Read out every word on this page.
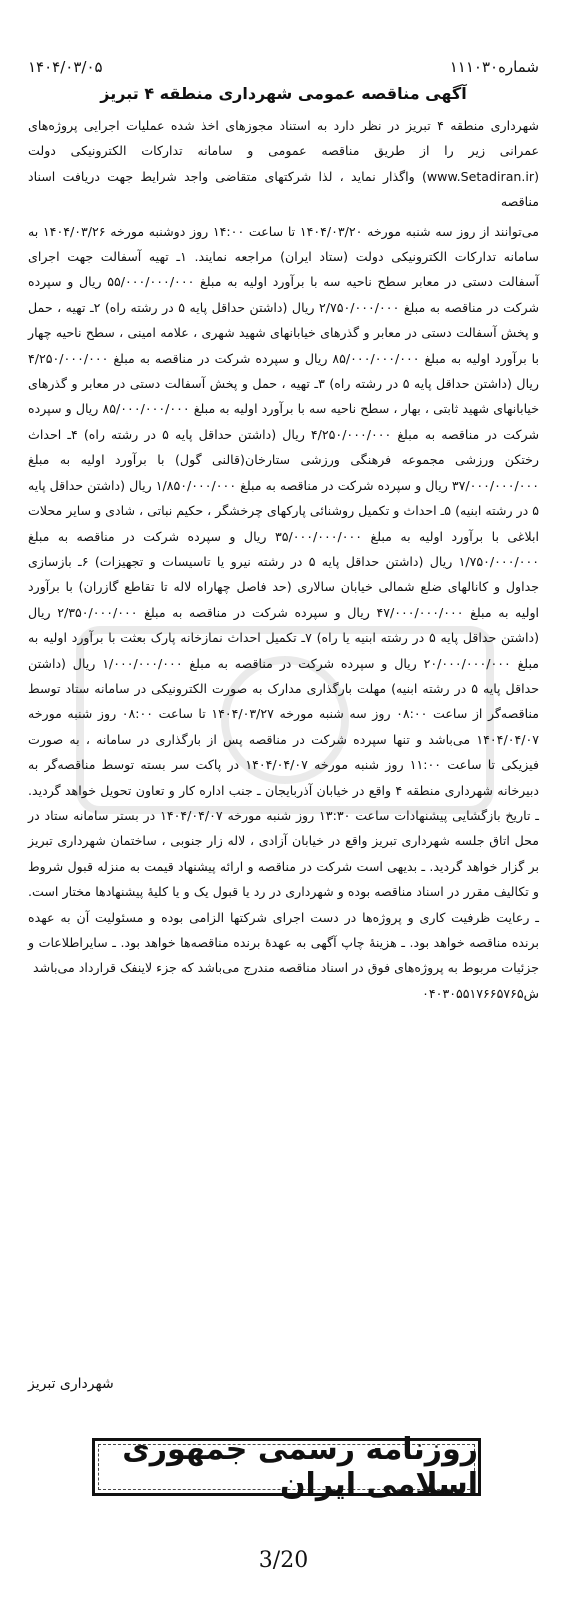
شماره۱۱۱۰۳۰
۱۴۰۴/۰۳/۰۵
آگهی مناقصه عمومی شهرداری منطقه ۴ تبریز

شهرداری منطقه ۴ تبریز در نظر دارد به استناد مجوزهای اخذ شده عملیات اجرایی پروژه‌های عمرانی زیر را از طریق مناقصه عمومی و سامانه تدارکات الکترونیکی دولت (www.Setadiran.ir) واگذار نماید ، لذا شرکتهای متقاضی واجد شرایط جهت دریافت اسناد مناقصه

می‌توانند از روز سه شنبه مورخه ۱۴۰۴/۰۳/۲۰ تا ساعت ۱۴:۰۰ روز دوشنبه مورخه ۱۴۰۴/۰۳/۲۶ به سامانه تدارکات الکترونیکی دولت (ستاد ایران) مراجعه نمایند. ۱ـ تهیه آسفالت جهت اجرای آسفالت دستی در معابر سطح ناحیه سه با برآورد اولیه به مبلغ ۵۵/۰۰۰/۰۰۰/۰۰۰ ریال و سپرده شرکت در مناقصه به مبلغ ۲/۷۵۰/۰۰۰/۰۰۰ ریال (داشتن حداقل پایه ۵ در رشته راه) ۲ـ تهیه ، حمل و پخش آسفالت دستی در معابر و گذرهای خیابانهای شهید شهری ، علامه امینی ، سطح ناحیه چهار با برآورد اولیه به مبلغ ۸۵/۰۰۰/۰۰۰/۰۰۰ ریال و سپرده شرکت در مناقصه به مبلغ ۴/۲۵۰/۰۰۰/۰۰۰ ریال (داشتن حداقل پایه ۵ در رشته راه) ۳ـ تهیه ، حمل و پخش آسفالت دستی در معابر و گذرهای خیابانهای شهید ثابتی ، بهار ، سطح ناحیه سه با برآورد اولیه به مبلغ ۸۵/۰۰۰/۰۰۰/۰۰۰ ریال و سپرده شرکت در مناقصه به مبلغ ۴/۲۵۰/۰۰۰/۰۰۰ ریال (داشتن حداقل پایه ۵ در رشته راه) ۴ـ احداث رختکن ورزشی مجموعه فرهنگی ورزشی ستارخان(قالنی گول) با برآورد اولیه به مبلغ ۳۷/۰۰۰/۰۰۰/۰۰۰ ریال و سپرده شرکت در مناقصه به مبلغ ۱/۸۵۰/۰۰۰/۰۰۰ ریال (داشتن حداقل پایه ۵ در رشته ابنیه) ۵ـ احداث و تکمیل روشنائی پارکهای چرخشگر ، حکیم نباتی ، شادی و سایر محلات ابلاغی با برآورد اولیه به مبلغ ۳۵/۰۰۰/۰۰۰/۰۰۰ ریال و سپرده شرکت در مناقصه به مبلغ ۱/۷۵۰/۰۰۰/۰۰۰ ریال (داشتن حداقل پایه ۵ در رشته نیرو یا تاسیسات و تجهیزات) ۶ـ بازسازی جداول و کانالهای ضلع شمالی خیابان سالاری (حد فاصل چهاراه لاله تا تقاطع گازران) با برآورد اولیه به مبلغ ۴۷/۰۰۰/۰۰۰/۰۰۰ ریال و سپرده شرکت در مناقصه به مبلغ ۲/۳۵۰/۰۰۰/۰۰۰ ریال (داشتن حداقل پایه ۵ در رشته ابنیه یا راه) ۷ـ تکمیل احداث نمازخانه پارک بعثت با برآورد اولیه به مبلغ ۲۰/۰۰۰/۰۰۰/۰۰۰ ریال و سپرده شرکت در مناقصه به مبلغ ۱/۰۰۰/۰۰۰/۰۰۰ ریال (داشتن حداقل پایه ۵ در رشته ابنیه) مهلت بارگذاری مدارک به صورت الکترونیکی در سامانه ستاد توسط مناقصه‌گر از ساعت ۰۸:۰۰ روز سه شنبه مورخه ۱۴۰۴/۰۳/۲۷ تا ساعت ۰۸:۰۰ روز شنبه مورخه ۱۴۰۴/۰۴/۰۷ می‌باشد و تنها سپرده شرکت در مناقصه پس از بارگذاری در سامانه ، به صورت فیزیکی تا ساعت ۱۱:۰۰ روز شنبه مورخه ۱۴۰۴/۰۴/۰۷ در پاکت سر بسته توسط مناقصه‌گر به دبیرخانه شهرداری منطقه ۴ واقع در خیابان آذربایجان ـ جنب اداره کار و تعاون تحویل خواهد گردید. ـ تاریخ بازگشایی پیشنهادات ساعت ۱۳:۳۰ روز شنبه مورخه ۱۴۰۴/۰۴/۰۷ در بستر سامانه ستاد در محل اتاق جلسه شهرداری تبریز واقع در خیابان آزادی ، لاله زار جنوبی ، ساختمان شهرداری تبریز بر گزار خواهد گردید. ـ بدیهی است شرکت در مناقصه و ارائه پیشنهاد قیمت به منزله قبول شروط و تکالیف مقرر در اسناد مناقصه بوده و شهرداری در رد یا قبول یک و یا کلیهٔ پیشنهادها مختار است. ـ رعایت ظرفیت کاری و پروژه‌ها در دست اجرای شرکتها الزامی بوده و مسئولیت آن به عهده برنده مناقصه خواهد بود. ـ هزینهٔ چاپ آگهی به عهدهٔ برنده مناقصه‌ها خواهد بود. ـ سایراطلاعات و جزئیات مربوط به پروژه‌های فوق در اسناد مناقصه مندرج می‌باشد که جزء لاینفک قرارداد می‌باشد

ش۰۴۰۳۰۵۵۱۷۶۶۵۷۶۵

شهرداری تبریز
روزنامه رسمی جمهوری اسلامی ایران
3/20
